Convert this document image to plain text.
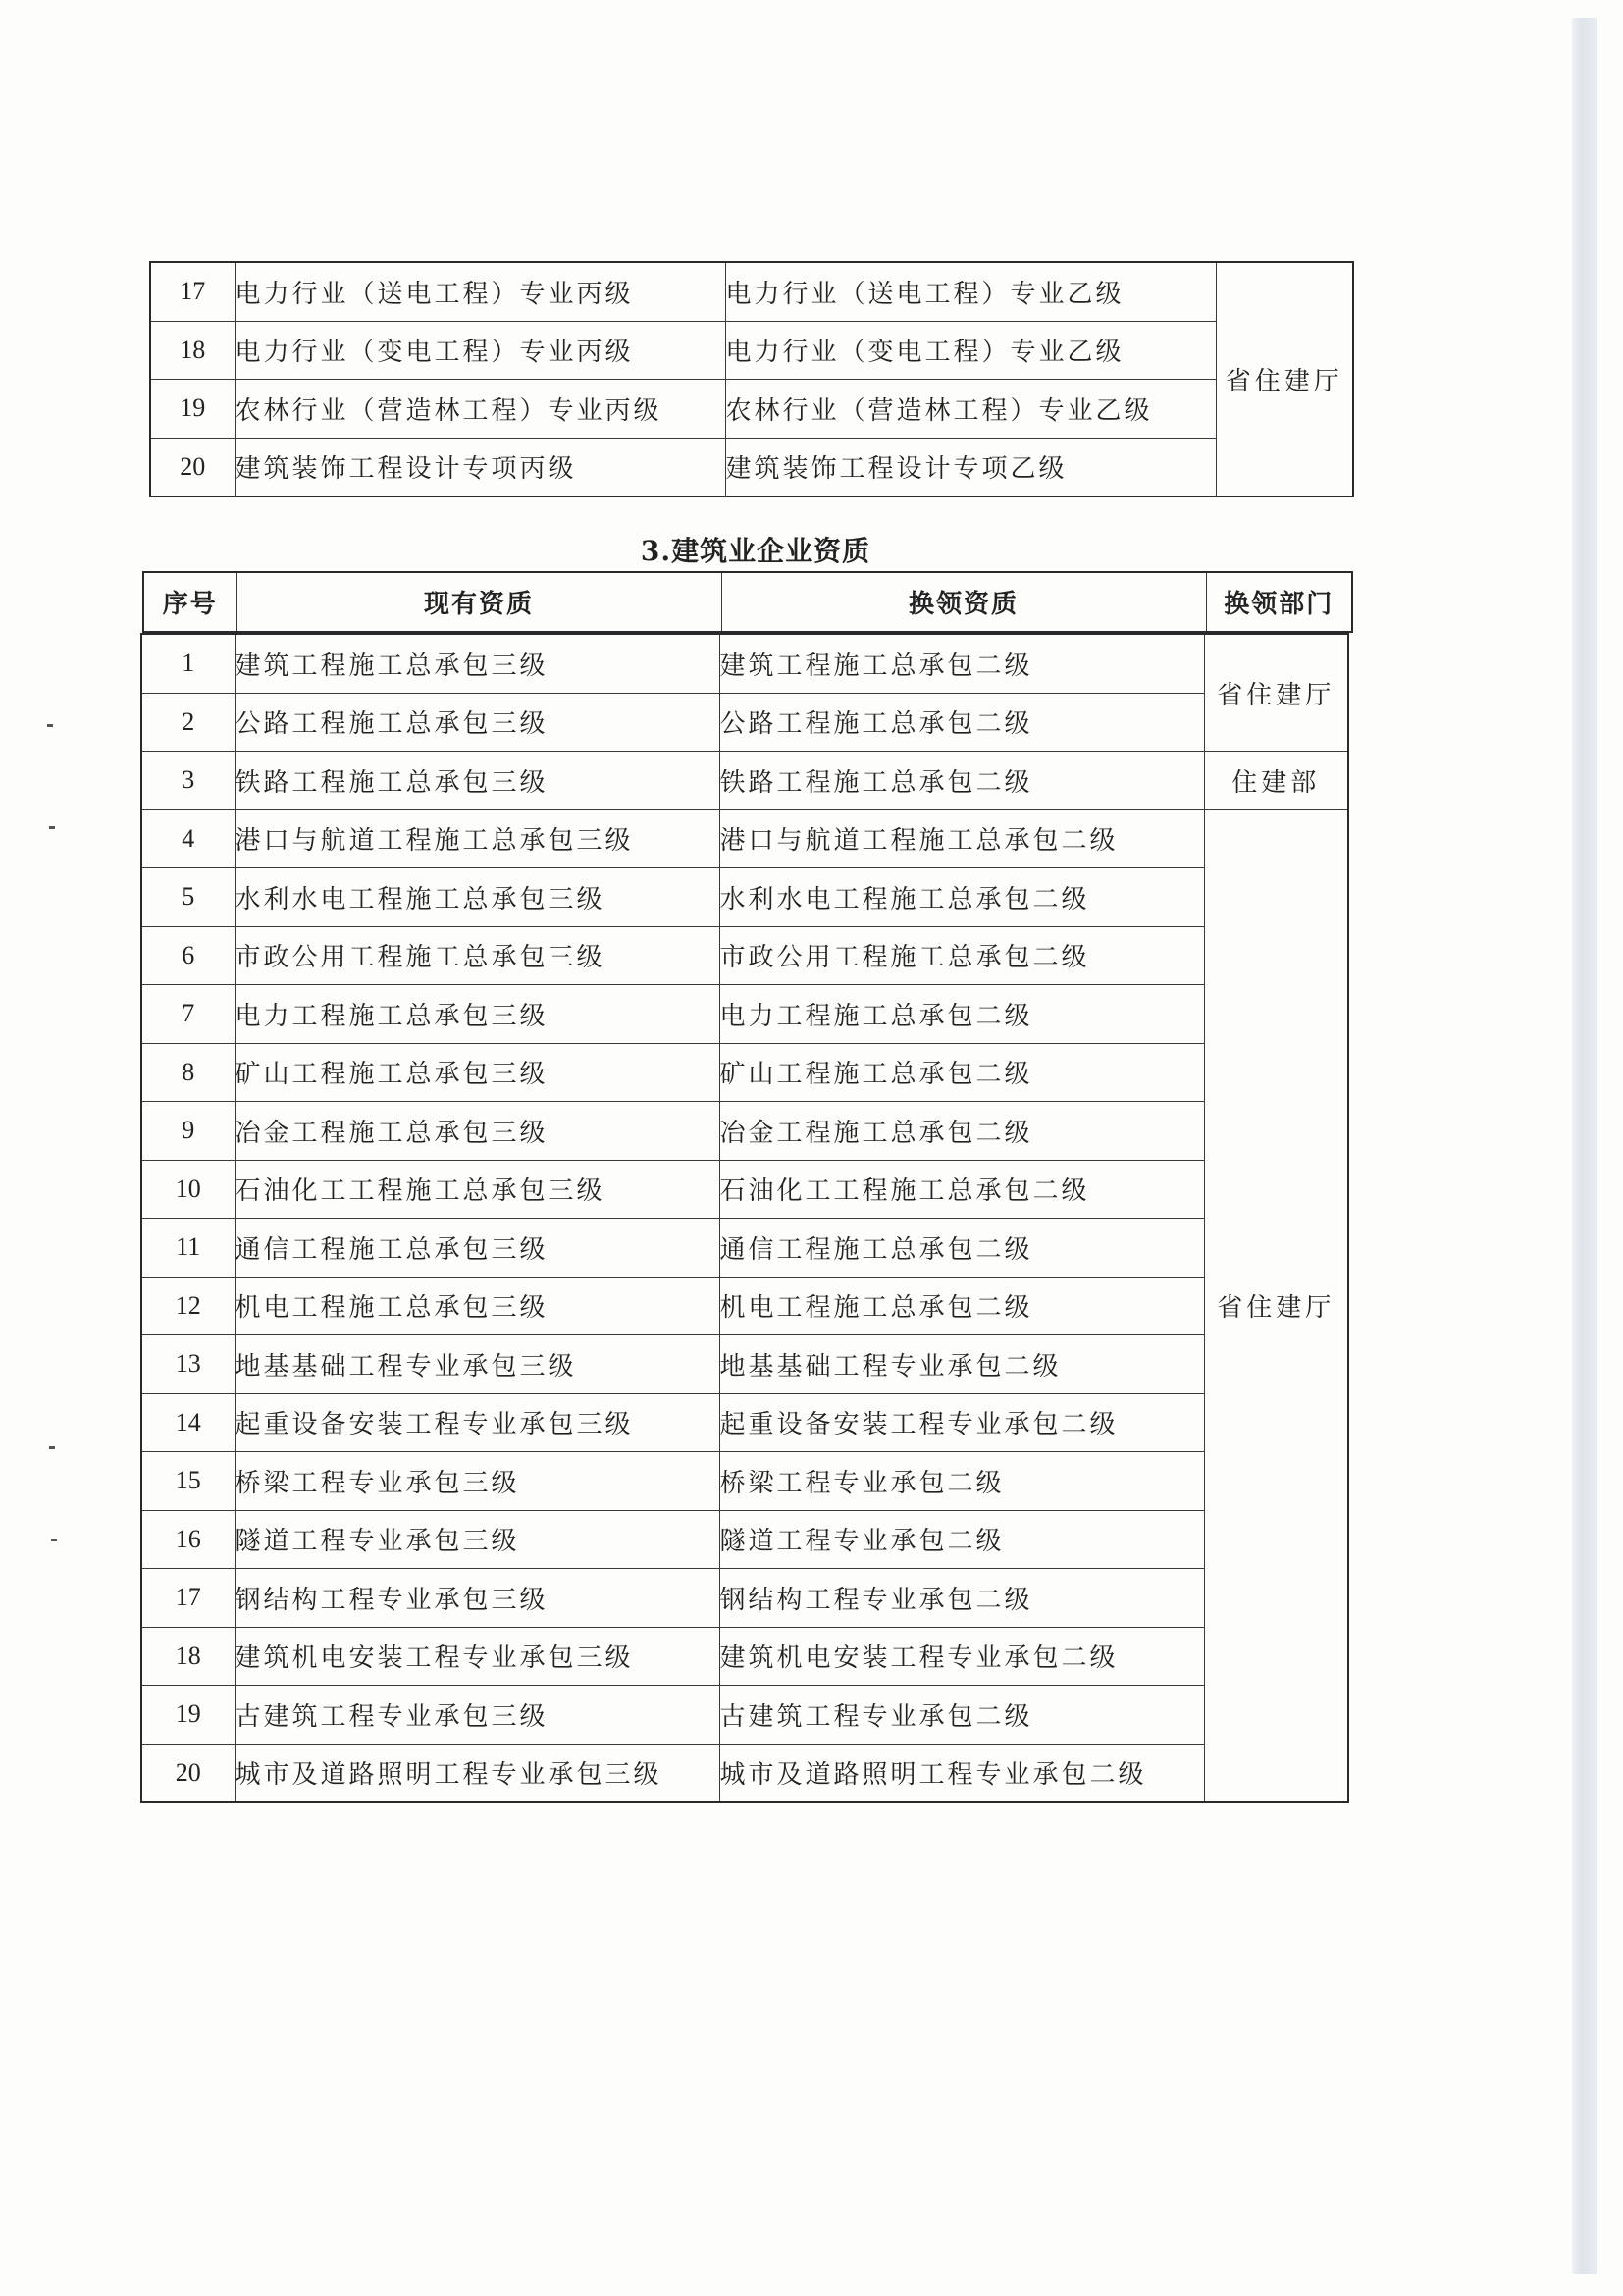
17	电力行业（送电工程）专业丙级	电力行业（送电工程）专业乙级	省住建厅
18	电力行业（变电工程）专业丙级	电力行业（变电工程）专业乙级	
19	农林行业（营造林工程）专业丙级	农林行业（营造林工程）专业乙级	
20	建筑装饰工程设计专项丙级	建筑装饰工程设计专项乙级	
3.建筑业企业资质
序号	现有资质	换领资质	换领部门
1	建筑工程施工总承包三级	建筑工程施工总承包二级	省住建厅
2	公路工程施工总承包三级	公路工程施工总承包二级	
3	铁路工程施工总承包三级	铁路工程施工总承包二级	住建部
4	港口与航道工程施工总承包三级	港口与航道工程施工总承包二级	省住建厅
5	水利水电工程施工总承包三级	水利水电工程施工总承包二级	
6	市政公用工程施工总承包三级	市政公用工程施工总承包二级	
7	电力工程施工总承包三级	电力工程施工总承包二级	
8	矿山工程施工总承包三级	矿山工程施工总承包二级	
9	冶金工程施工总承包三级	冶金工程施工总承包二级	
10	石油化工工程施工总承包三级	石油化工工程施工总承包二级	
11	通信工程施工总承包三级	通信工程施工总承包二级	
12	机电工程施工总承包三级	机电工程施工总承包二级	
13	地基基础工程专业承包三级	地基基础工程专业承包二级	
14	起重设备安装工程专业承包三级	起重设备安装工程专业承包二级	
15	桥梁工程专业承包三级	桥梁工程专业承包二级	
16	隧道工程专业承包三级	隧道工程专业承包二级	
17	钢结构工程专业承包三级	钢结构工程专业承包二级	
18	建筑机电安装工程专业承包三级	建筑机电安装工程专业承包二级	
19	古建筑工程专业承包三级	古建筑工程专业承包二级	
20	城市及道路照明工程专业承包三级	城市及道路照明工程专业承包二级	
